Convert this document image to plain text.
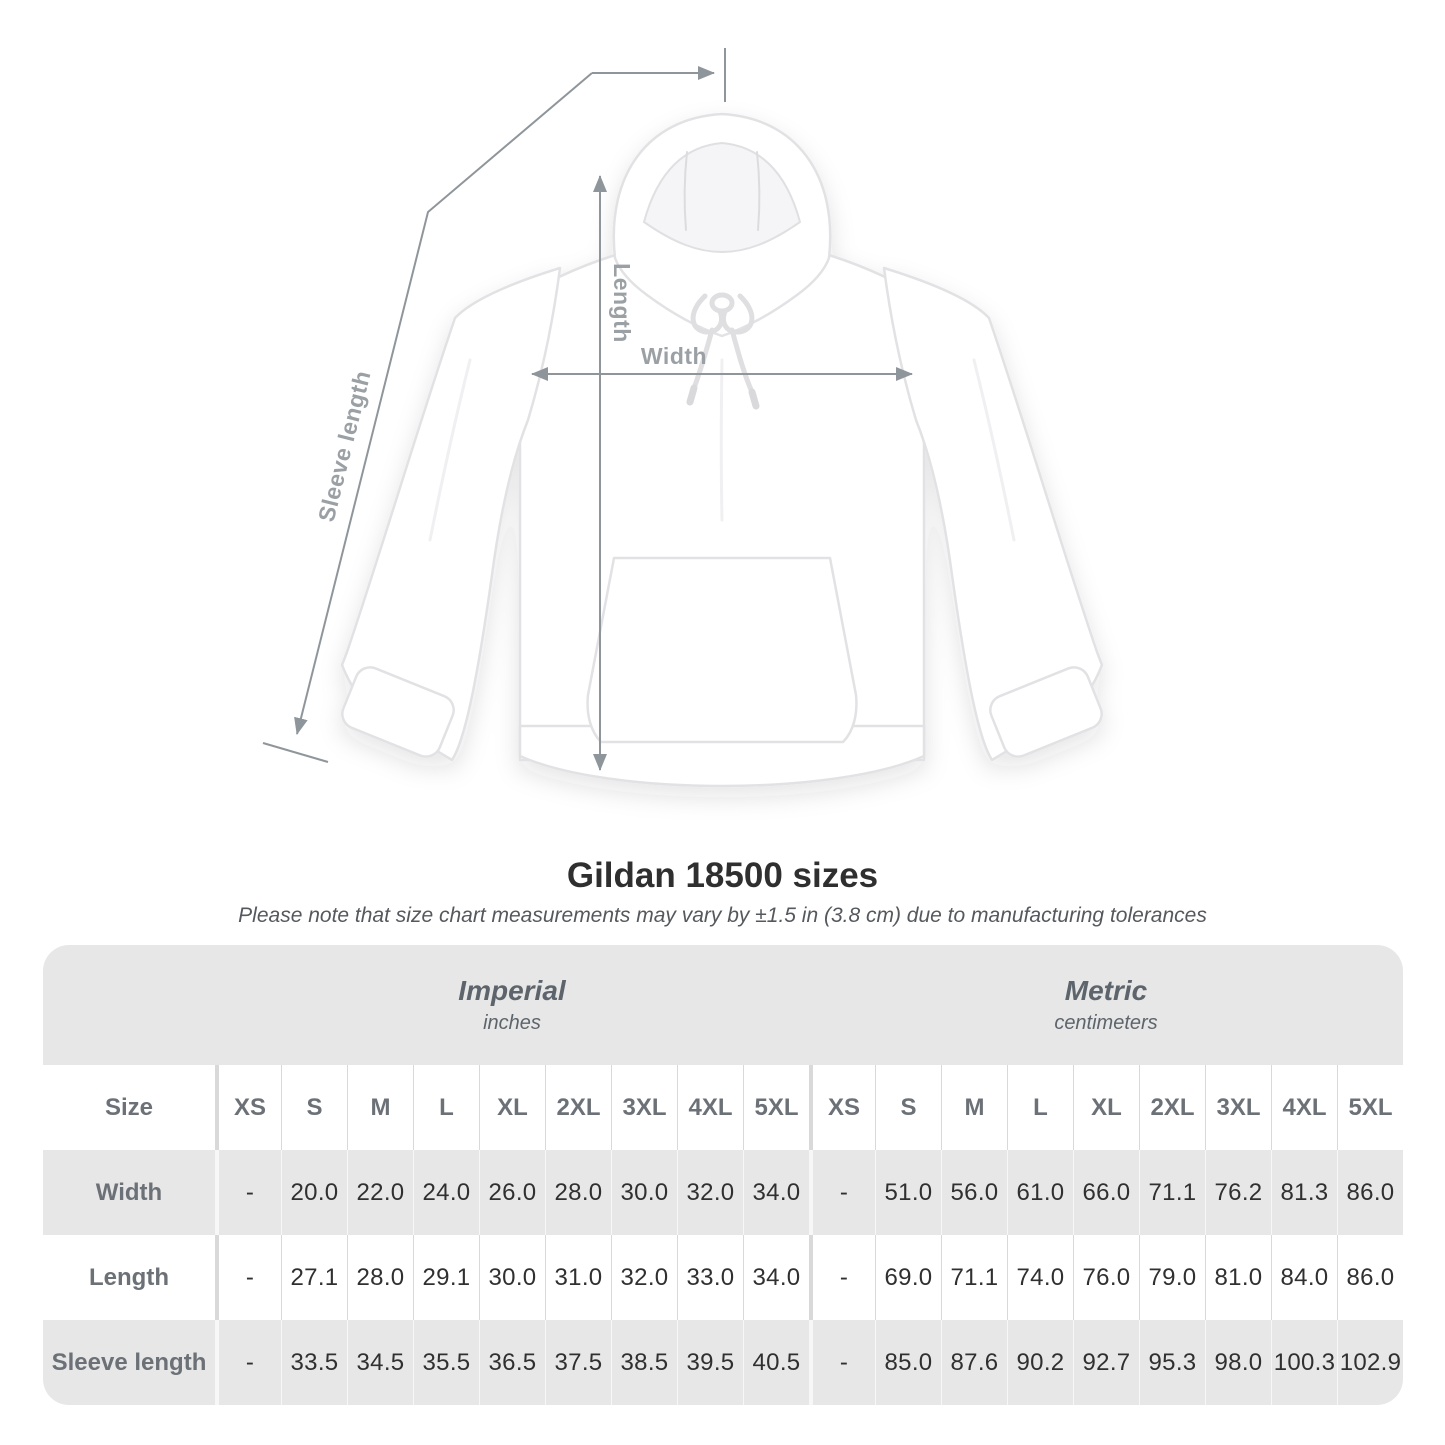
Sleeve length
Length
Width
Gildan 18500 sizes
Please note that size chart measurements may vary by ±1.5 in (3.8 cm) due to manufacturing tolerances
Imperial
inches
Metric
centimeters
Size	XS	S	M	L	XL	2XL 3XL 4XL 5XL	XS	S	M	L	XL	2XL 3XL 4XL 5XL
Width	-	20.0 22.0 24.0 26.0 28.0 30.0 32.0 34.0	-	51.0 56.0 61.0 66.0 71.1 76.2 81.3 86.0
Length	-	27.1 28.0 29.1 30.0 31.0 32.0 33.0 34.0	-	69.0 71.1 74.0 76.0 79.0 81.0 84.0 86.0
Sleeve length	-	33.5 34.5 35.5 36.5 37.5 38.5 39.5 40.5	-	85.0 87.6 90.2 92.7 95.3 98.0 100.3 102.9
